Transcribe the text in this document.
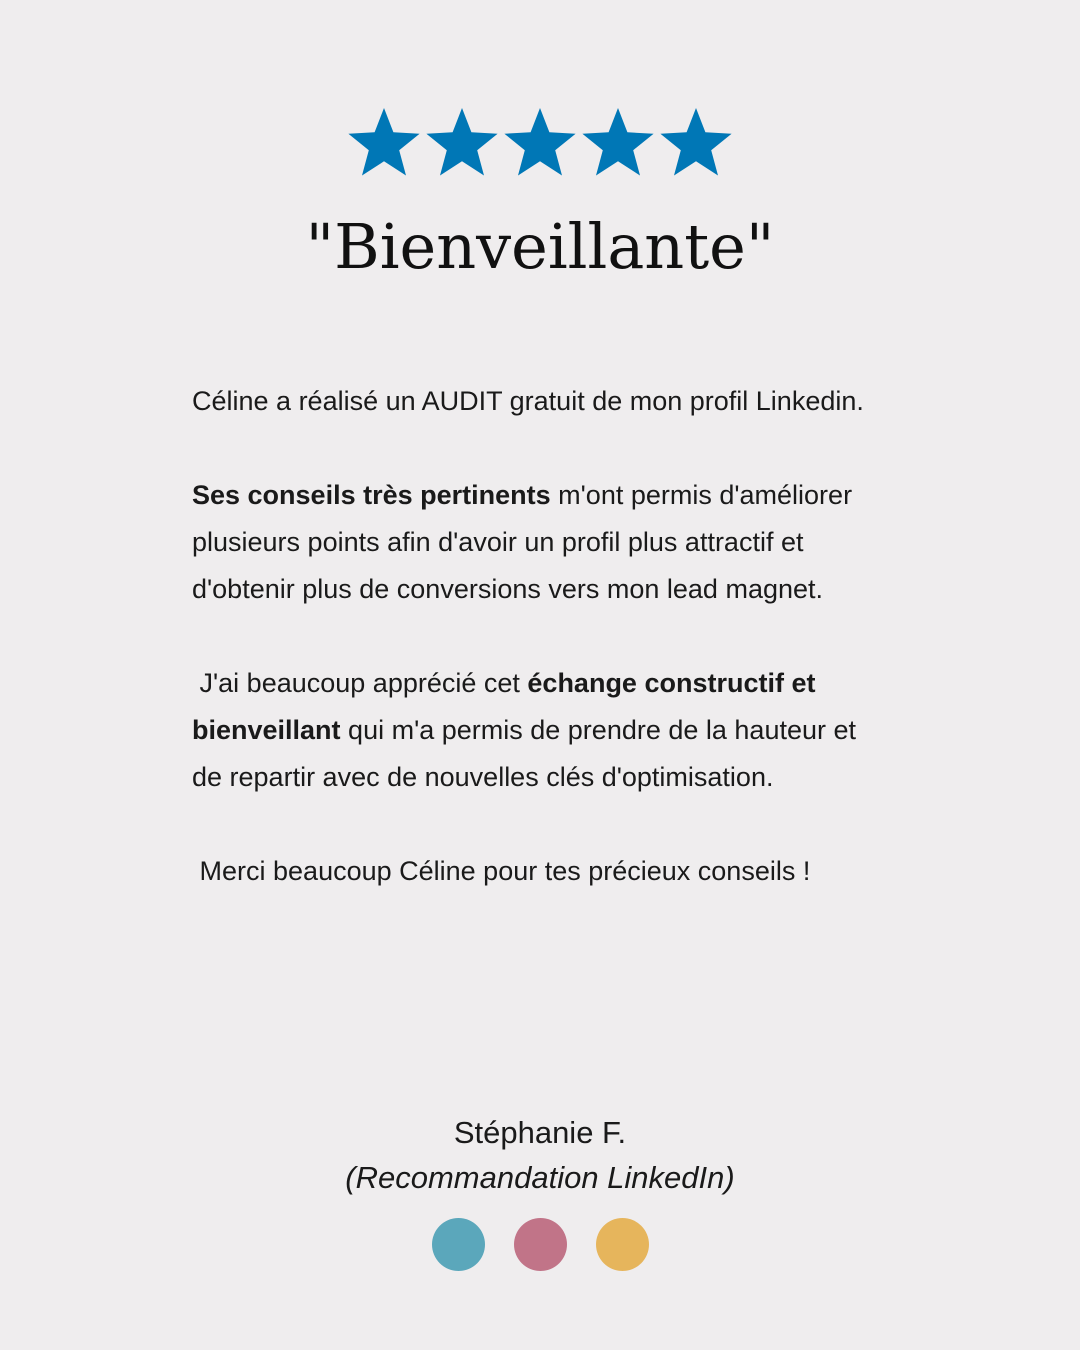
"Bienveillante"

Céline a réalisé un AUDIT gratuit de mon profil Linkedin.

Ses conseils très pertinents m'ont permis d'améliorer plusieurs points afin d'avoir un profil plus attractif et d'obtenir plus de conversions vers mon lead magnet.

J'ai beaucoup apprécié cet échange constructif et bienveillant qui m'a permis de prendre de la hauteur et de repartir avec de nouvelles clés d'optimisation.

Merci beaucoup Céline pour tes précieux conseils !

Stéphanie F.
(Recommandation LinkedIn)
